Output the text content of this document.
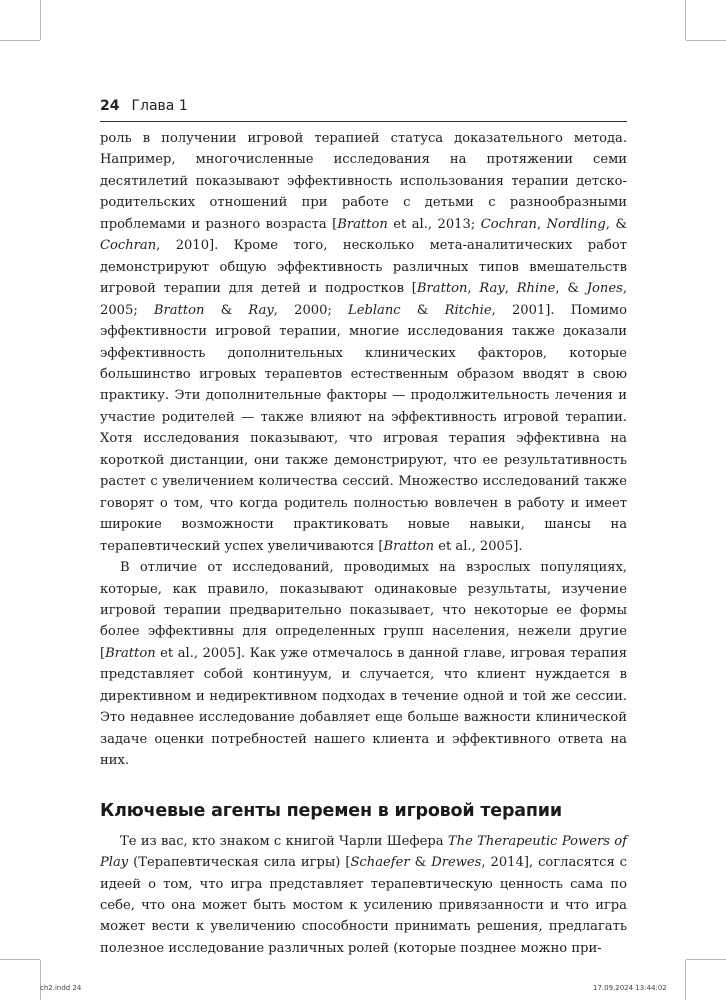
24 Глава 1

роль в получении игровой терапией статуса доказательного метода. Например, многочисленные исследования на протяжении семи десятилетий показывают эффективность использования терапии детско-родительских отношений при работе с детьми с разнообразными проблемами и разного возраста [Bratton et al., 2013; Cochran, Nordling, & Cochran, 2010]. Кроме того, несколько мета-аналитических работ демонстрируют общую эффективность различных типов вмешательств игровой терапии для детей и подростков [Bratton, Ray, Rhine, & Jones, 2005; Bratton & Ray, 2000; Leblanc & Ritchie, 2001]. Помимо эффективности игровой терапии, многие исследования также доказали эффективность дополнительных клинических факторов, которые большинство игровых терапевтов естественным образом вводят в свою практику. Эти дополнительные факторы — продолжительность лечения и участие родителей — также влияют на эффективность игровой терапии. Хотя исследования показывают, что игровая терапия эффективна на короткой дистанции, они также демонстрируют, что ее результативность растет с увеличением количества сессий. Множество исследований также говорят о том, что когда родитель полностью вовлечен в работу и имеет широкие возможности практиковать новые навыки, шансы на терапевтический успех увеличиваются [Bratton et al., 2005].

В отличие от исследований, проводимых на взрослых популяциях, которые, как правило, показывают одинаковые результаты, изучение игровой терапии предварительно показывает, что некоторые ее формы более эффективны для определенных групп населения, нежели другие [Bratton et al., 2005]. Как уже отмечалось в данной главе, игровая терапия представляет собой континуум, и случается, что клиент нуждается в директивном и недирективном подходах в течение одной и той же сессии. Это недавнее исследование добавляет еще больше важности клинической задаче оценки потребностей нашего клиента и эффективного ответа на них.

Ключевые агенты перемен в игровой терапии

Те из вас, кто знаком с книгой Чарли Шефера The Therapeutic Powers of Play (Терапевтическая сила игры) [Schaefer & Drewes, 2014], согласятся с идеей о том, что игра представляет терапевтическую ценность сама по себе, что она может быть мостом к усилению привязанности и что игра может вести к увеличению способности принимать решения, предлагать полезное исследование различных ролей (которые позднее можно при-

ch2.indd 24	17.09.2024 13:44:02
